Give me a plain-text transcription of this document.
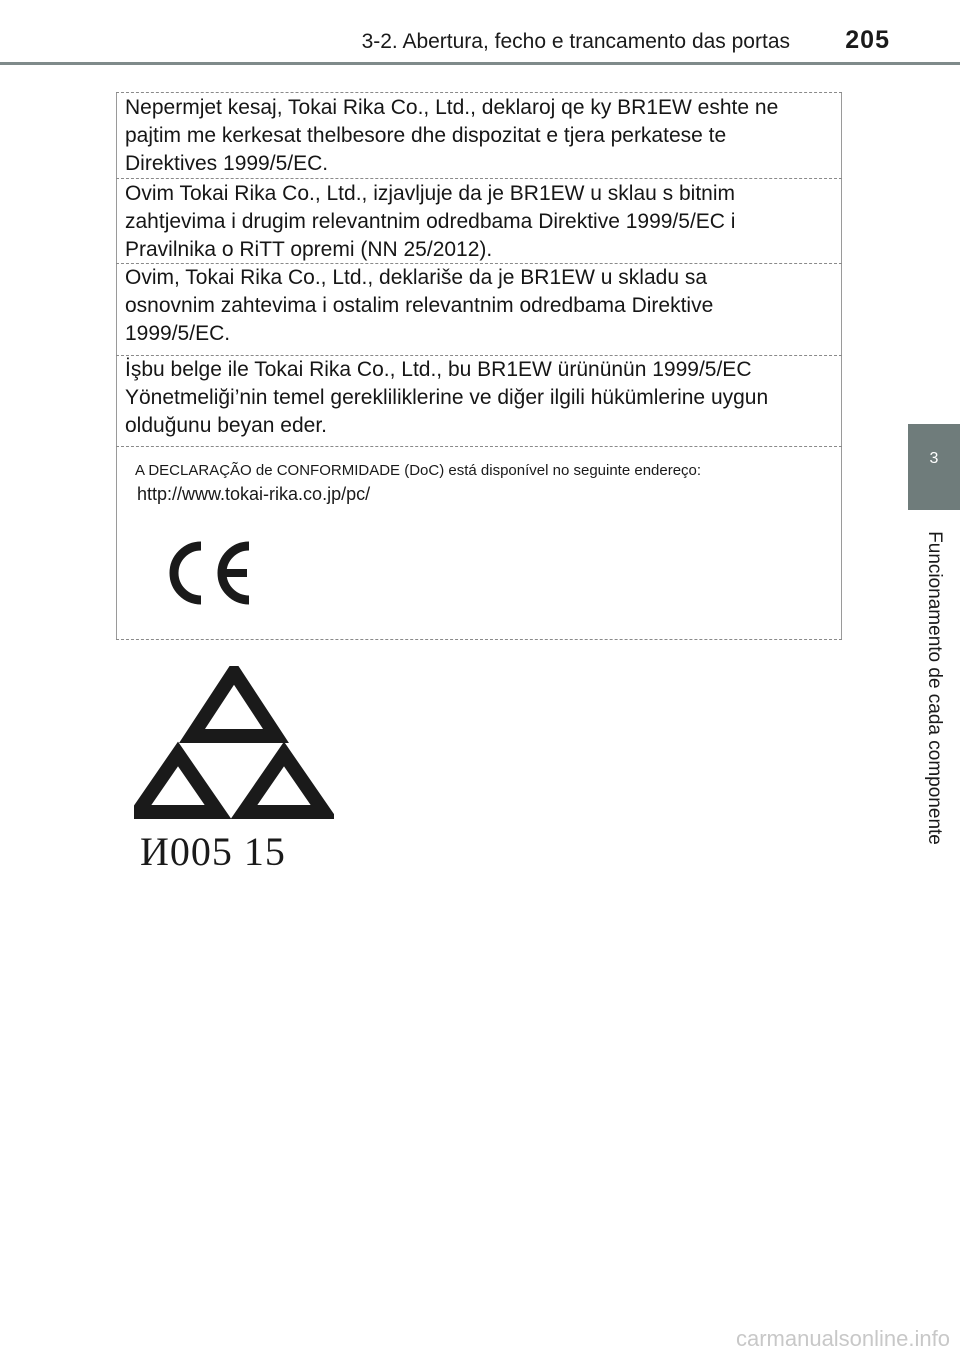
3-2. Abertura, fecho e trancamento das portas 205
3
Funcionamento de cada componente
Nepermjet kesaj, Tokai Rika Co., Ltd., deklaroj qe ky BR1EW eshte ne
pajtim me kerkesat thelbesore dhe dispozitat e tjera perkatese te
Direktives 1999/5/EC.
Ovim Tokai Rika Co., Ltd., izjavljuje da je BR1EW u sklau s bitnim
zahtjevima i drugim relevantnim odredbama Direktive 1999/5/EC i
Pravilnika o RiTT opremi (NN 25/2012).
Ovim, Tokai Rika Co., Ltd., deklariše da je BR1EW u skladu sa
osnovnim zahtevima i ostalim relevantnim odredbama Direktive
1999/5/EC.
İşbu belge ile Tokai Rika Co., Ltd., bu BR1EW ürününün 1999/5/EC
Yönetmeliği’nin temel gerekliliklerine ve diğer ilgili hükümlerine uygun
olduğunu beyan eder.
A DECLARAÇÃO de CONFORMIDADE (DoC) está disponível no seguinte endereço:
http://www.tokai-rika.co.jp/pc/
И005 15
carmanualsonline.info
